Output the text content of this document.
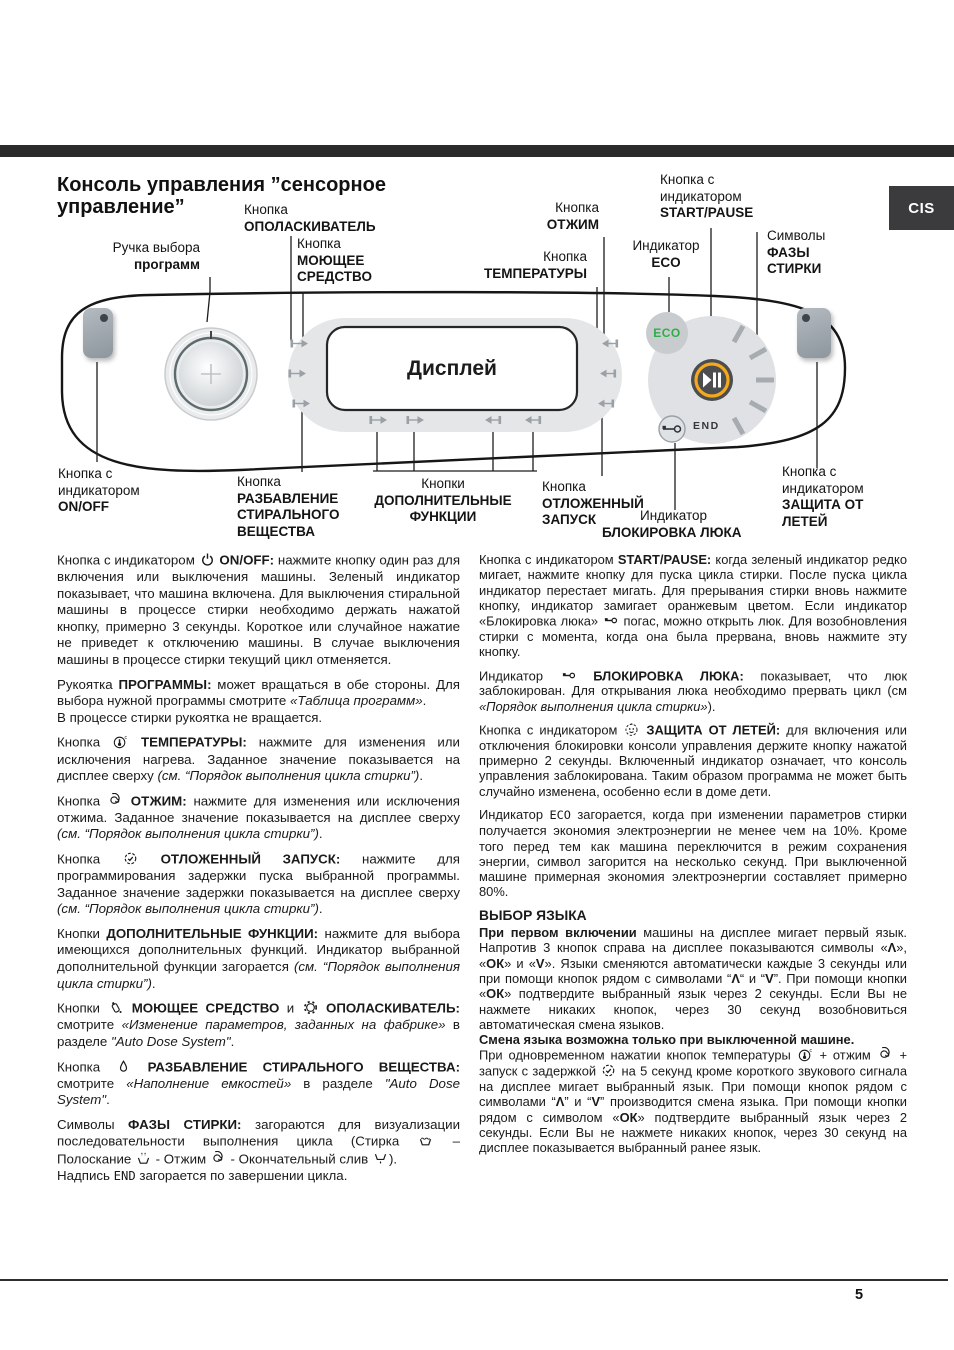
Консоль управления ”сенсорное
управление”	CIS
Дисплей
ECO
END
Ручка выбора
программ
Кнопка
ОПОЛАСКИВАТЕЛЬ
Кнопка
МОЮЩЕЕ
СРЕДСТВО
Кнопка
ОТЖИМ
Кнопка
ТЕМПЕРАТУРЫ
Индикатор
ECO
Кнопка с
индикатором
START/PAUSE
Символы
ФАЗЫ
СТИРКИ
Кнопка с
индикатором
ON/OFF
Кнопка
РАЗБАВЛЕНИЕ
СТИРАЛЬНОГО
ВЕЩЕСТВА
Кнопки
ДОПОЛНИТЕЛЬНЫЕ
ФУНКЦИИ
Кнопка
ОТЛОЖЕННЫЙ
ЗАПУСК	Индикатор
БЛОКИРОВКА ЛЮКА
Кнопка с
индикатором
ЗАЩИТА ОТ
ЛЕТЕЙ

Кнопка с индикатором  ON/OFF: нажмите кнопку один раз для включения или выключения машины. Зеленый индикатор показывает, что машина включена. Для выключения стиральной машины в процессе стирки необходимо держать нажатой кнопку, примерно 3 секунды. Короткое или случайное нажатие не приведет к отключению машины. В случае выключения машины в процессе стирки текущий цикл отменяется.

Рукоятка ПРОГРАММЫ: может вращаться в обе стороны. Для выбора нужной программы смотрите «Таблица программ».
В процессе стирки рукоятка не вращается.

Кнопка  ТЕМПЕРАТУРЫ: нажмите для изменения или исключения нагрева. Заданное значение показывается на дисплее сверху (см. “Порядок выполнения цикла стирки”).

Кнопка  ОТЖИМ: нажмите для изменения или исключения отжима. Заданное значение показывается на дисплее сверху (см. “Порядок выполнения цикла стирки”).

Кнопка  ОТЛОЖЕННЫЙ ЗАПУСК: нажмите для программирования задержки пуска выбранной программы. Заданное значение задержки показывается на дисплее сверху (см. “Порядок выполнения цикла стирки”).

Кнопки ДОПОЛНИТЕЛЬНЫЕ ФУНКЦИИ: нажмите для выбора имеющихся дополнительных функций. Индикатор выбранной дополнительной функции загорается (см. “Порядок выполнения цикла стирки”).

Кнопки  МОЮЩЕЕ СРЕДСТВО и  ОПОЛАСКИВАТЕЛЬ: смотрите «Изменение параметров, заданных на фабрике» в разделе "Auto Dose System".

Кнопка  РАЗБАВЛЕНИЕ СТИРАЛЬНОГО ВЕЩЕСТВА: смотрите «Наполнение емкостей» в разделе "Auto Dose System".

Символы ФАЗЫ СТИРКИ: загораются для визуализации последовательности выполнения цикла (Стирка  – Полоскание  - Отжим  - Окончательный слив ).
Надпись END загорается по завершении цикла.

Кнопка с индикатором START/PAUSE: когда зеленый индикатор редко мигает, нажмите кнопку для пуска цикла стирки. После пуска цикла индикатор перестает мигать. Для прерывания стирки вновь нажмите кнопку, индикатор замигает оранжевым цветом. Если индикатор «Блокировка люка»  погас, можно открыть люк. Для возобновления стирки с момента, когда она была прервана, вновь нажмите эту кнопку.

Индикатор  БЛОКИРОВКА ЛЮКА: показывает, что люк заблокирован. Для открывания люка необходимо прервать цикл (см «Порядок выполнения цикла стирки»).

Кнопка с индикатором  ЗАЩИТА ОТ ЛЕТЕЙ: для включения или отключения блокировки консоли управления держите кнопку нажатой примерно 2 секунды. Включенный индикатор означает, что консоль управления заблокирована. Таким образом программа не может быть случайно изменена, особенно если в доме дети.

Индикатор ECO загорается, когда при изменении параметров стирки получается экономия электроэнергии не менее чем на 10%. Кроме того перед тем как машина переключится в режим сохранения энергии, символ загорится на несколько секунд. При выключенной машине примерная экономия электроэнергии составляет примерно 80%.

ВЫБОР ЯЗЫКА

При первом включении машины на дисплее мигает первый язык. Напротив 3 кнопок справа на дисплее показываются символы «Λ», «ОК» и «V». Языки сменяются автоматически каждые 3 секунды или при помощи кнопок рядом с символами “Λ“ и “V”. При помощи кнопки «ОК» подтвердите выбранный язык через 2 секунды. Если Вы не нажмете никаких кнопок, через 30 секунд возобновиться автоматическая смена языков.

Смена языка возможна только при выключенной машине.

При одновременном нажатии кнопок температуры  + отжим  + запуск с задержкой  на 5 секунд кроме короткого звукового сигнала на дисплее мигает выбранный язык. При помощи кнопок рядом с символами “Λ” и “V” производится смена языка. При помощи кнопки рядом с символом «ОК» подтвердите выбранный язык через 2 секунды. Если Вы не нажмете никаких кнопок, через 30 секунд на дисплее показывается выбранный ранее язык.

5
